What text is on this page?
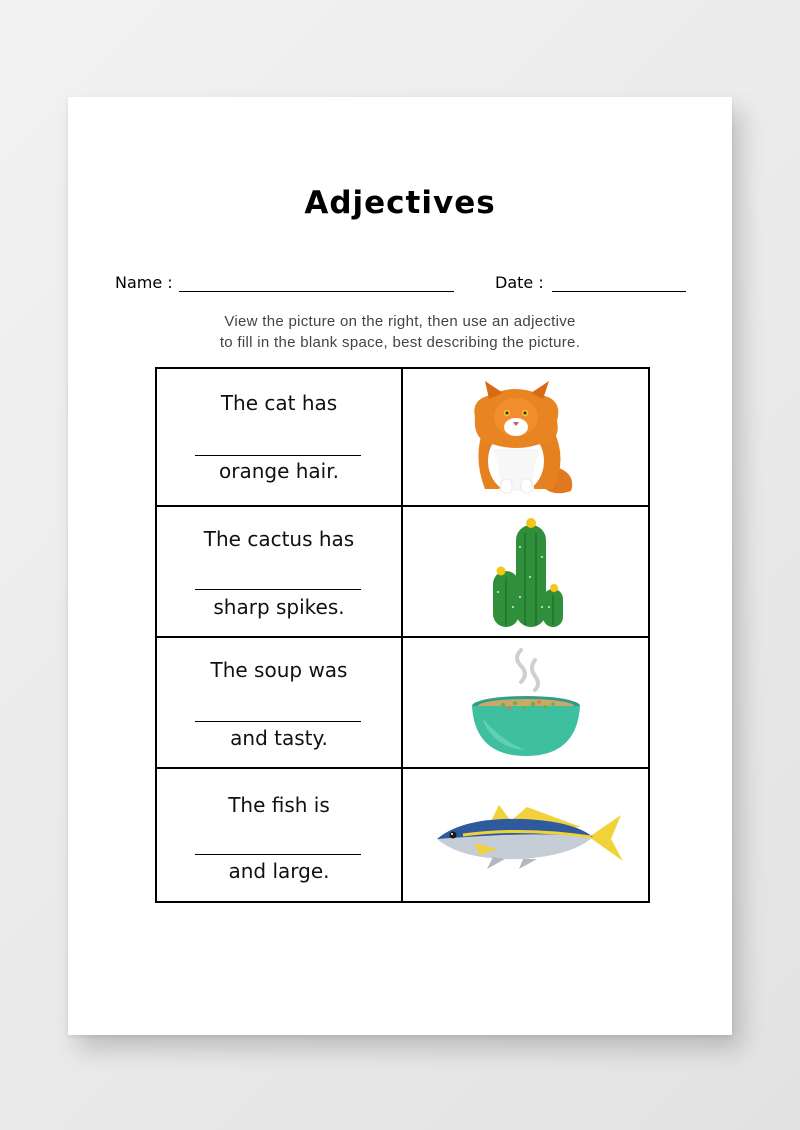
Adjectives
Name :	Date :
View the picture on the right, then use an adjective
to fill in the blank space, best describing the picture.
The cat has
orange hair.

The cactus has
sharp spikes.

The soup was
and tasty.

The fish is
and large.
